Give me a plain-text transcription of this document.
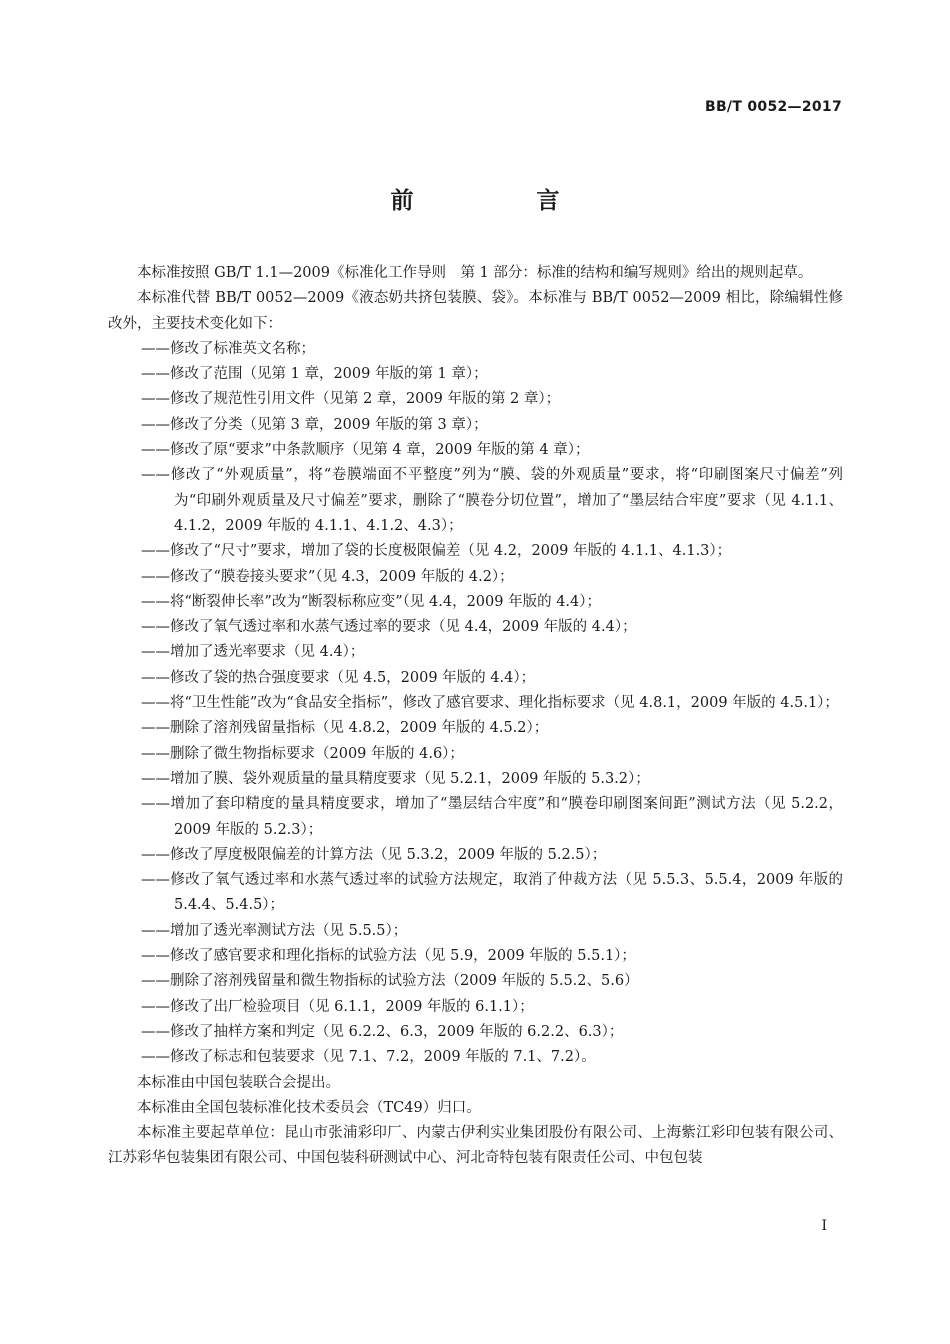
BB/T 0052—2017
前　言

本标准按照 GB/T 1.1—2009《标准化工作导则　第 1 部分：标准的结构和编写规则》给出的规则起草。

本标准代替 BB/T 0052—2009《液态奶共挤包装膜、袋》。本标准与 BB/T 0052—2009 相比，除编辑性修改外，主要技术变化如下：

——修改了标准英文名称；
——修改了范围（见第 1 章，2009 年版的第 1 章）；
——修改了规范性引用文件（见第 2 章，2009 年版的第 2 章）；
——修改了分类（见第 3 章，2009 年版的第 3 章）；
——修改了原“要求”中条款顺序（见第 4 章，2009 年版的第 4 章）；
——修改了“外观质量”，将“卷膜端面不平整度”列为“膜、袋的外观质量”要求，将“印刷图案尺寸偏差”列为“印刷外观质量及尺寸偏差”要求，删除了“膜卷分切位置”，增加了“墨层结合牢度”要求（见 4.1.1、4.1.2，2009 年版的 4.1.1、4.1.2、4.3）；
——修改了“尺寸”要求，增加了袋的长度极限偏差（见 4.2，2009 年版的 4.1.1、4.1.3）；
——修改了“膜卷接头要求”（见 4.3，2009 年版的 4.2）；
——将“断裂伸长率”改为“断裂标称应变”（见 4.4，2009 年版的 4.4）；
——修改了氧气透过率和水蒸气透过率的要求（见 4.4，2009 年版的 4.4）；
——增加了透光率要求（见 4.4）；
——修改了袋的热合强度要求（见 4.5，2009 年版的 4.4）；
——将“卫生性能”改为“食品安全指标”，修改了感官要求、理化指标要求（见 4.8.1，2009 年版的 4.5.1）；
——删除了溶剂残留量指标（见 4.8.2，2009 年版的 4.5.2）；
——删除了微生物指标要求（2009 年版的 4.6）；
——增加了膜、袋外观质量的量具精度要求（见 5.2.1，2009 年版的 5.3.2）；
——增加了套印精度的量具精度要求，增加了“墨层结合牢度”和“膜卷印刷图案间距”测试方法（见 5.2.2，2009 年版的 5.2.3）；
——修改了厚度极限偏差的计算方法（见 5.3.2，2009 年版的 5.2.5）；
——修改了氧气透过率和水蒸气透过率的试验方法规定，取消了仲裁方法（见 5.5.3、5.5.4，2009 年版的 5.4.4、5.4.5）；
——增加了透光率测试方法（见 5.5.5）；
——修改了感官要求和理化指标的试验方法（见 5.9，2009 年版的 5.5.1）；
——删除了溶剂残留量和微生物指标的试验方法（2009 年版的 5.5.2、5.6）
——修改了出厂检验项目（见 6.1.1，2009 年版的 6.1.1）；
——修改了抽样方案和判定（见 6.2.2、6.3，2009 年版的 6.2.2、6.3）；
——修改了标志和包装要求（见 7.1、7.2，2009 年版的 7.1、7.2）。

本标准由中国包装联合会提出。

本标准由全国包装标准化技术委员会（TC49）归口。

本标准主要起草单位：昆山市张浦彩印厂、内蒙古伊利实业集团股份有限公司、上海紫江彩印包装有限公司、江苏彩华包装集团有限公司、中国包装科研测试中心、河北奇特包装有限责任公司、中包包装

I
